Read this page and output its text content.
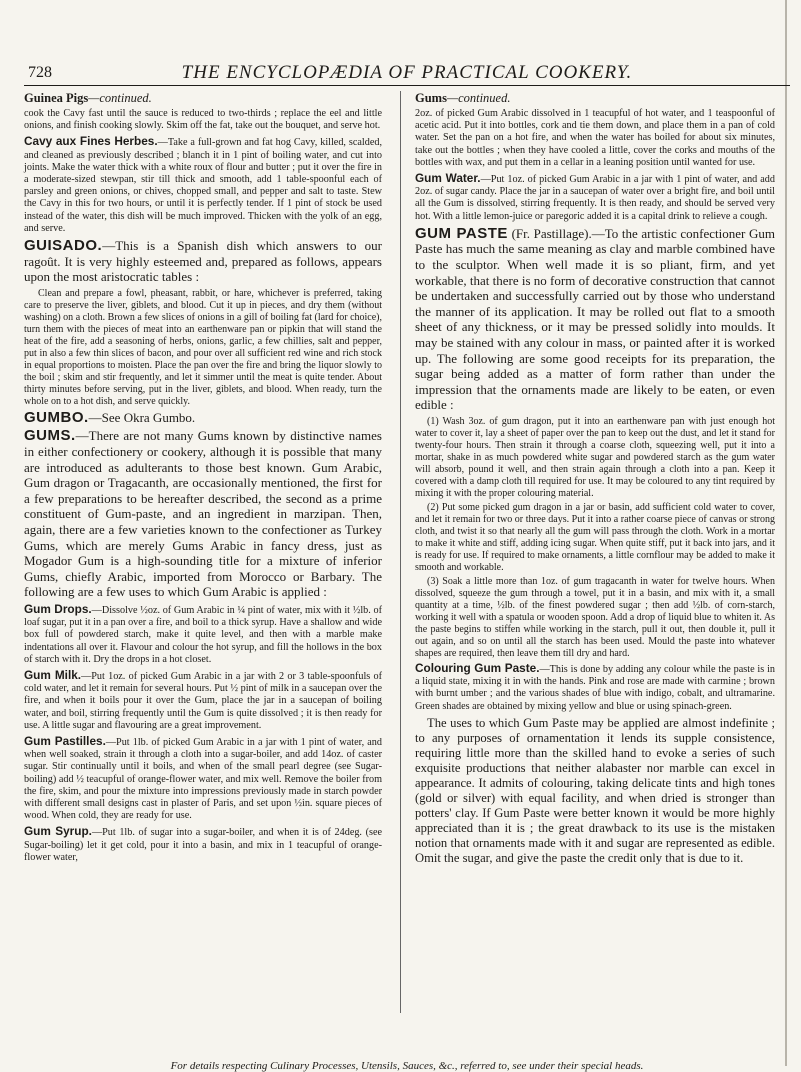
728	THE ENCYCLOPÆDIA OF PRACTICAL COOKERY.
Guinea Pigs—continued.

cook the Cavy fast until the sauce is reduced to two-thirds ; replace the eel and little onions, and finish cooking slowly. Skim off the fat, take out the bouquet, and serve hot.

Cavy aux Fines Herbes.—Take a full-grown and fat hog Cavy, killed, scalded, and cleaned as previously described ; blanch it in 1 pint of boiling water, and cut into joints. Make the water thick with a white roux of flour and butter ; put it over the fire in a moderate-sized stewpan, stir till thick and smooth, add 1 table-spoonful each of parsley and green onions, or chives, chopped small, and pepper and salt to taste. Stew the Cavy in this for two hours, or until it is perfectly tender. If 1 pint of stock be used instead of the water, this dish will be much improved. Thicken with the yolk of an egg, and serve.

GUISADO.—This is a Spanish dish which answers to our ragoût. It is very highly esteemed and, prepared as follows, appears upon the most aristocratic tables :

Clean and prepare a fowl, pheasant, rabbit, or hare, whichever is preferred, taking care to preserve the liver, giblets, and blood. Cut it up in pieces, and dry them (without washing) on a cloth. Brown a few slices of onions in a gill of boiling fat (lard for choice), turn them with the pieces of meat into an earthenware pan or pipkin that will stand the heat of the fire, add a seasoning of herbs, onions, garlic, a few chillies, salt and pepper, put in also a few thin slices of bacon, and pour over all sufficient red wine and rich stock in equal proportions to moisten. Place the pan over the fire and bring the liquor slowly to the boil ; skim and stir frequently, and let it simmer until the meat is quite tender. About thirty minutes before serving, put in the liver, giblets, and blood. When ready, turn the whole on to a hot dish, and serve quickly.

GUMBO.—See Okra Gumbo.

GUMS.—There are not many Gums known by distinctive names in either confectionery or cookery, although it is possible that many are introduced as adulterants to those best known. Gum Arabic, Gum dragon or Tragacanth, are occasionally mentioned, the first for a few preparations to be hereafter described, the second as a prime constituent of Gum-paste, and an ingredient in marzipan. Then, again, there are a few varieties known to the confectioner as Turkey Gums, which are merely Gums Arabic in fancy dress, just as Mogador Gum is a high-sounding title for a mixture of inferior Gums, chiefly Arabic, imported from Morocco or Barbary. The following are a few uses to which Gum Arabic is applied :

Gum Drops.—Dissolve ½oz. of Gum Arabic in ¼ pint of water, mix with it ½lb. of loaf sugar, put it in a pan over a fire, and boil to a thick syrup. Have a shallow and wide box full of powdered starch, make it quite level, and then with a marble make indentations all over it. Flavour and colour the hot syrup, and fill the hollows in the box of starch with it. Dry the drops in a hot closet.

Gum Milk.—Put 1oz. of picked Gum Arabic in a jar with 2 or 3 table-spoonfuls of cold water, and let it remain for several hours. Put ½ pint of milk in a saucepan over the fire, and when it boils pour it over the Gum, place the jar in a saucepan of boiling water, and boil, stirring frequently until the Gum is quite dissolved ; it is then ready for use. A little sugar and flavouring are a great improvement.

Gum Pastilles.—Put 1lb. of picked Gum Arabic in a jar with 1 pint of water, and when well soaked, strain it through a cloth into a sugar-boiler, and add 14oz. of caster sugar. Stir continually until it boils, and when of the small pearl degree (see Sugar-boiling) add ½ teacupful of orange-flower water, and mix well. Remove the boiler from the fire, skim, and pour the mixture into impressions previously made in starch powder with different small designs cast in plaster of Paris, and set upon ½in. square pieces of wood. When cold, they are ready for use.

Gum Syrup.—Put 1lb. of sugar into a sugar-boiler, and when it is of 24deg. (see Sugar-boiling) let it get cold, pour it into a basin, and mix in 1 teacupful of orange-flower water,

Gums—continued.

2oz. of picked Gum Arabic dissolved in 1 teacupful of hot water, and 1 teaspoonful of acetic acid. Put it into bottles, cork and tie them down, and place them in a pan of cold water. Set the pan on a hot fire, and when the water has boiled for about six minutes, take out the bottles ; when they have cooled a little, cover the corks and mouths of the bottles with wax, and put them in a cellar in a leaning position until wanted for use.

Gum Water.—Put 1oz. of picked Gum Arabic in a jar with 1 pint of water, and add 2oz. of sugar candy. Place the jar in a saucepan of water over a bright fire, and boil until all the Gum is dissolved, stirring frequently. It is then ready, and should be served very hot. With a little lemon-juice or paregoric added it is a capital drink to relieve a cough.

GUM PASTE (Fr. Pastillage).—To the artistic confectioner Gum Paste has much the same meaning as clay and marble combined have to the sculptor. When well made it is so pliant, firm, and yet workable, that there is no form of decorative construction that cannot be undertaken and successfully carried out by those who understand the manner of its application. It may be rolled out flat to a smooth sheet of any thickness, or it may be pressed solidly into moulds. It may be stained with any colour in mass, or painted after it is worked up. The following are some good receipts for its preparation, the sugar being added as a matter of form rather than under the impression that the ornaments made are likely to be eaten, or even edible :

(1) Wash 3oz. of gum dragon, put it into an earthenware pan with just enough hot water to cover it, lay a sheet of paper over the pan to keep out the dust, and let it stand for twenty-four hours. Then strain it through a coarse cloth, squeezing well, put it into a mortar, shake in as much powdered white sugar and powdered starch as the gum water will absorb, pound it well, and then strain again through a cloth into a pan. Keep it covered with a damp cloth till required for use. It may be coloured to any tint required by mixing it with the proper colouring material.

(2) Put some picked gum dragon in a jar or basin, add sufficient cold water to cover, and let it remain for two or three days. Put it into a rather coarse piece of canvas or strong cloth, and twist it so that nearly all the gum will pass through the cloth. Work in a mortar to make it white and stiff, adding icing sugar. When quite stiff, put it back into jars, and it is ready for use. If required to make ornaments, a little cornflour may be added to make it smooth and workable.

(3) Soak a little more than 1oz. of gum tragacanth in water for twelve hours. When dissolved, squeeze the gum through a towel, put it in a basin, and mix with it, a small quantity at a time, ½lb. of the finest powdered sugar ; then add ½lb. of corn-starch, working it well with a spatula or wooden spoon. Add a drop of liquid blue to whiten it. As the paste begins to stiffen while working in the starch, pull it out, then double it, pull it out again, and so on until all the starch has been used. Mould the paste into whatever shapes are required, then leave them till dry and hard.

Colouring Gum Paste.—This is done by adding any colour while the paste is in a liquid state, mixing it in with the hands. Pink and rose are made with carmine ; brown with burnt umber ; and the various shades of blue with indigo, cobalt, and ultramarine. Green shades are obtained by mixing yellow and blue or using spinach-green.

The uses to which Gum Paste may be applied are almost indefinite ; to any purposes of ornamentation it lends its supple consistence, requiring little more than the skilled hand to evoke a series of such exquisite productions that neither alabaster nor marble can excel in appearance. It admits of colouring, taking delicate tints and high tones (gold or silver) with equal facility, and when dried is stronger than potters' clay. If Gum Paste were better known it would be more highly appreciated than it is ; the great drawback to its use is the mistaken notion that ornaments made with it and sugar are represented as edible. Omit the sugar, and give the paste the credit only that is due to it.

For details respecting Culinary Processes, Utensils, Sauces, &c., referred to, see under their special heads.
